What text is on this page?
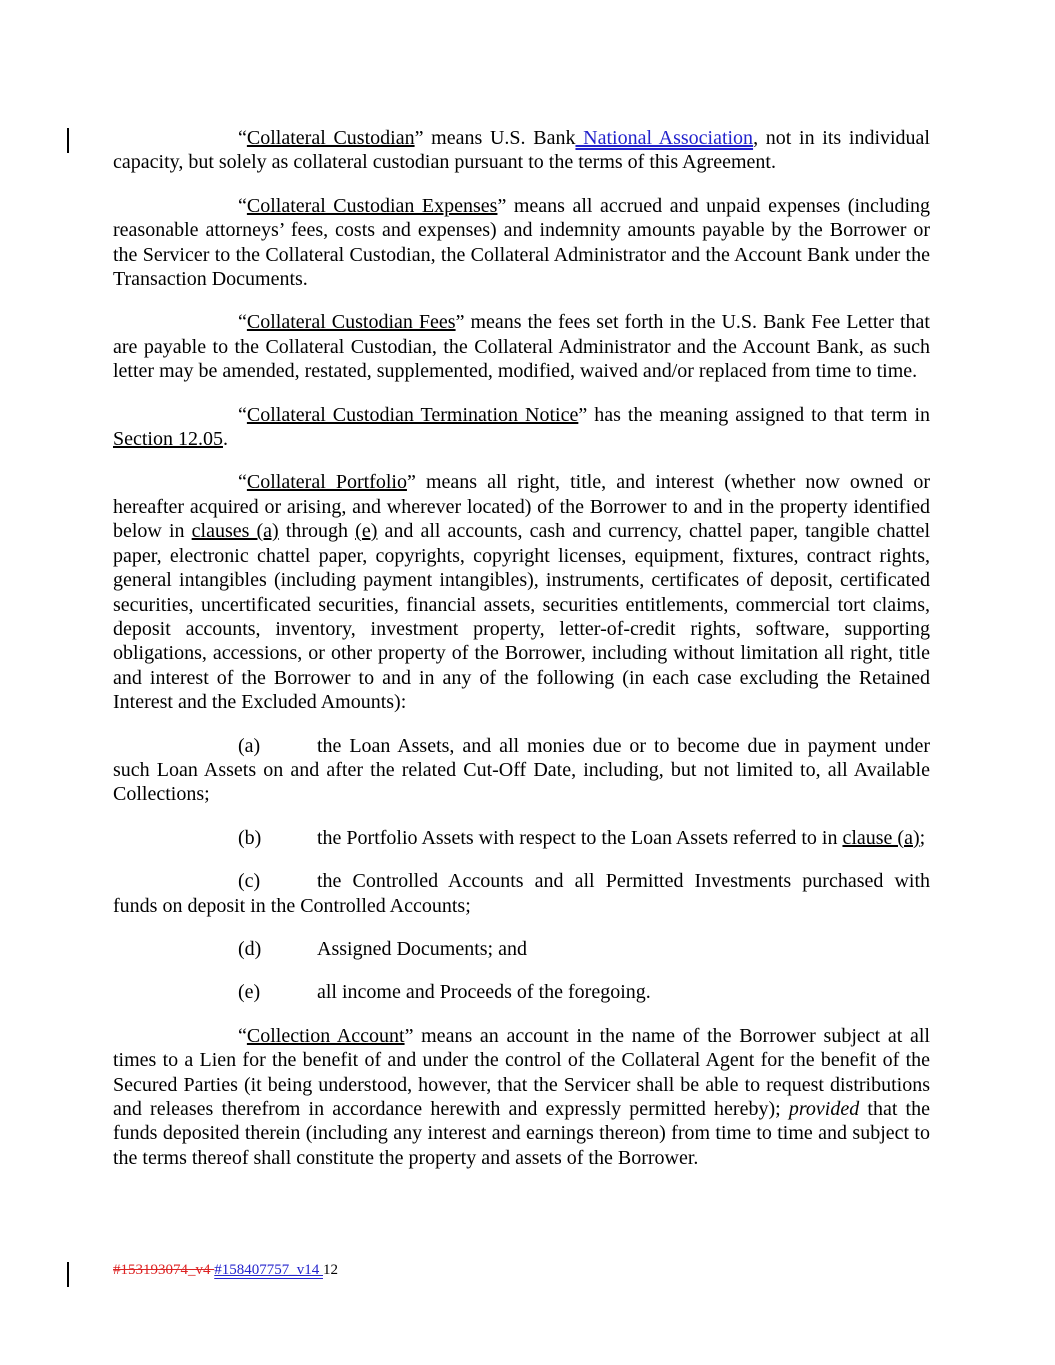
“Collateral Custodian” means U.S. Bank National Association, not in its individual capacity, but solely as collateral custodian pursuant to the terms of this Agreement.

“Collateral Custodian Expenses” means all accrued and unpaid expenses (including reasonable attorneys’ fees, costs and expenses) and indemnity amounts payable by the Borrower or the Servicer to the Collateral Custodian, the Collateral Administrator and the Account Bank under the Transaction Documents.

“Collateral Custodian Fees” means the fees set forth in the U.S. Bank Fee Letter that are payable to the Collateral Custodian, the Collateral Administrator and the Account Bank, as such letter may be amended, restated, supplemented, modified, waived and/or replaced from time to time.

“Collateral Custodian Termination Notice” has the meaning assigned to that term in Section 12.05.

“Collateral Portfolio” means all right, title, and interest (whether now owned or hereafter acquired or arising, and wherever located) of the Borrower to and in the property identified below in clauses (a) through (e) and all accounts, cash and currency, chattel paper, tangible chattel paper, electronic chattel paper, copyrights, copyright licenses, equipment, fixtures, contract rights, general intangibles (including payment intangibles), instruments, certificates of deposit, certificated securities, uncertificated securities, financial assets, securities entitlements, commercial tort claims, deposit accounts, inventory, investment property, letter-of-credit rights, software, supporting obligations, accessions, or other property of the Borrower, including without limitation all right, title and interest of the Borrower to and in any of the following (in each case excluding the Retained Interest and the Excluded Amounts):

(a)	the Loan Assets, and all monies due or to become due in payment under such Loan Assets on and after the related Cut-Off Date, including, but not limited to, all Available Collections;

(b)	the Portfolio Assets with respect to the Loan Assets referred to in clause (a);

(c)	the Controlled Accounts and all Permitted Investments purchased with funds on deposit in the Controlled Accounts;

(d)	Assigned Documents; and

(e)	all income and Proceeds of the foregoing.

“Collection Account” means an account in the name of the Borrower subject at all times to a Lien for the benefit of and under the control of the Collateral Agent for the benefit of the Secured Parties (it being understood, however, that the Servicer shall be able to request distributions and releases therefrom in accordance herewith and expressly permitted hereby); provided that the funds deposited therein (including any interest and earnings thereon) from time to time and subject to the terms thereof shall constitute the property and assets of the Borrower.

#153193074_v4 #158407757_v14 12
